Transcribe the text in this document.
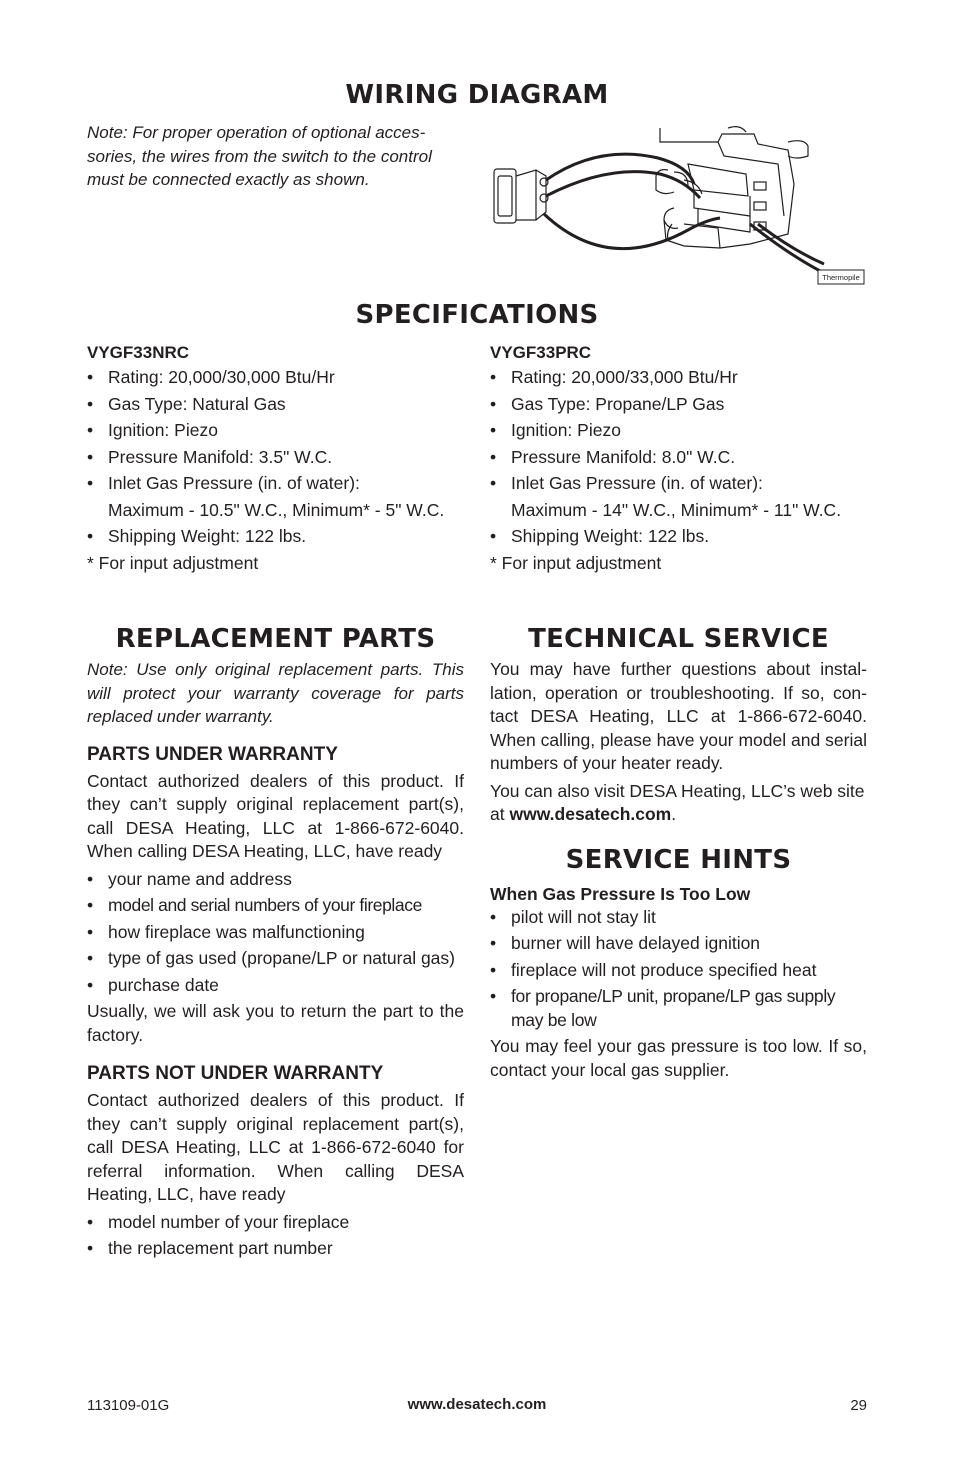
WIRING DIAGRAM

Note: For proper operation of optional acces-sories, the wires from the switch to the control must be connected exactly as shown.

Thermopile
SPECIFICATIONS

VYGF33NRC

• Rating: 20,000/30,000 Btu/Hr
• Gas Type: Natural Gas
• Ignition: Piezo
• Pressure Manifold: 3.5" W.C.
• Inlet Gas Pressure (in. of water):
Maximum - 10.5" W.C., Minimum* - 5" W.C.
• Shipping Weight: 122 lbs.

* For input adjustment

VYGF33PRC

• Rating: 20,000/33,000 Btu/Hr
• Gas Type: Propane/LP Gas
• Ignition: Piezo
• Pressure Manifold: 8.0" W.C.
• Inlet Gas Pressure (in. of water):
Maximum - 14" W.C., Minimum* - 11" W.C.
• Shipping Weight: 122 lbs.

* For input adjustment

REPLACEMENT PARTS

Note: Use only original replacement parts. This will protect your warranty coverage for parts replaced under warranty.

PARTS UNDER WARRANTY

Contact authorized dealers of this product. If they can’t supply original replacement part(s), call DESA Heating, LLC at 1-866-672-6040. When calling DESA Heating, LLC, have ready

• your name and address
• model and serial numbers of your fireplace
• how fireplace was malfunctioning
• type of gas used (propane/LP or natural gas)
• purchase date

Usually, we will ask you to return the part to the factory.

PARTS NOT UNDER WARRANTY

Contact authorized dealers of this product. If they can’t supply original replacement part(s), call DESA Heating, LLC at 1-866-672-6040 for referral information. When calling DESA Heating, LLC, have ready

• model number of your fireplace
• the replacement part number
TECHNICAL SERVICE

You may have further questions about instal-lation, operation or troubleshooting. If so, con-tact DESA Heating, LLC at 1-866-672-6040. When calling, please have your model and serial numbers of your heater ready.

You can also visit DESA Heating, LLC’s web site at www.desatech.com.

SERVICE HINTS

When Gas Pressure Is Too Low

• pilot will not stay lit
• burner will have delayed ignition
• fireplace will not produce specified heat
• for propane/LP unit, propane/LP gas supply may be low

You may feel your gas pressure is too low. If so, contact your local gas supplier.

113109-01G	www.desatech.com	29
